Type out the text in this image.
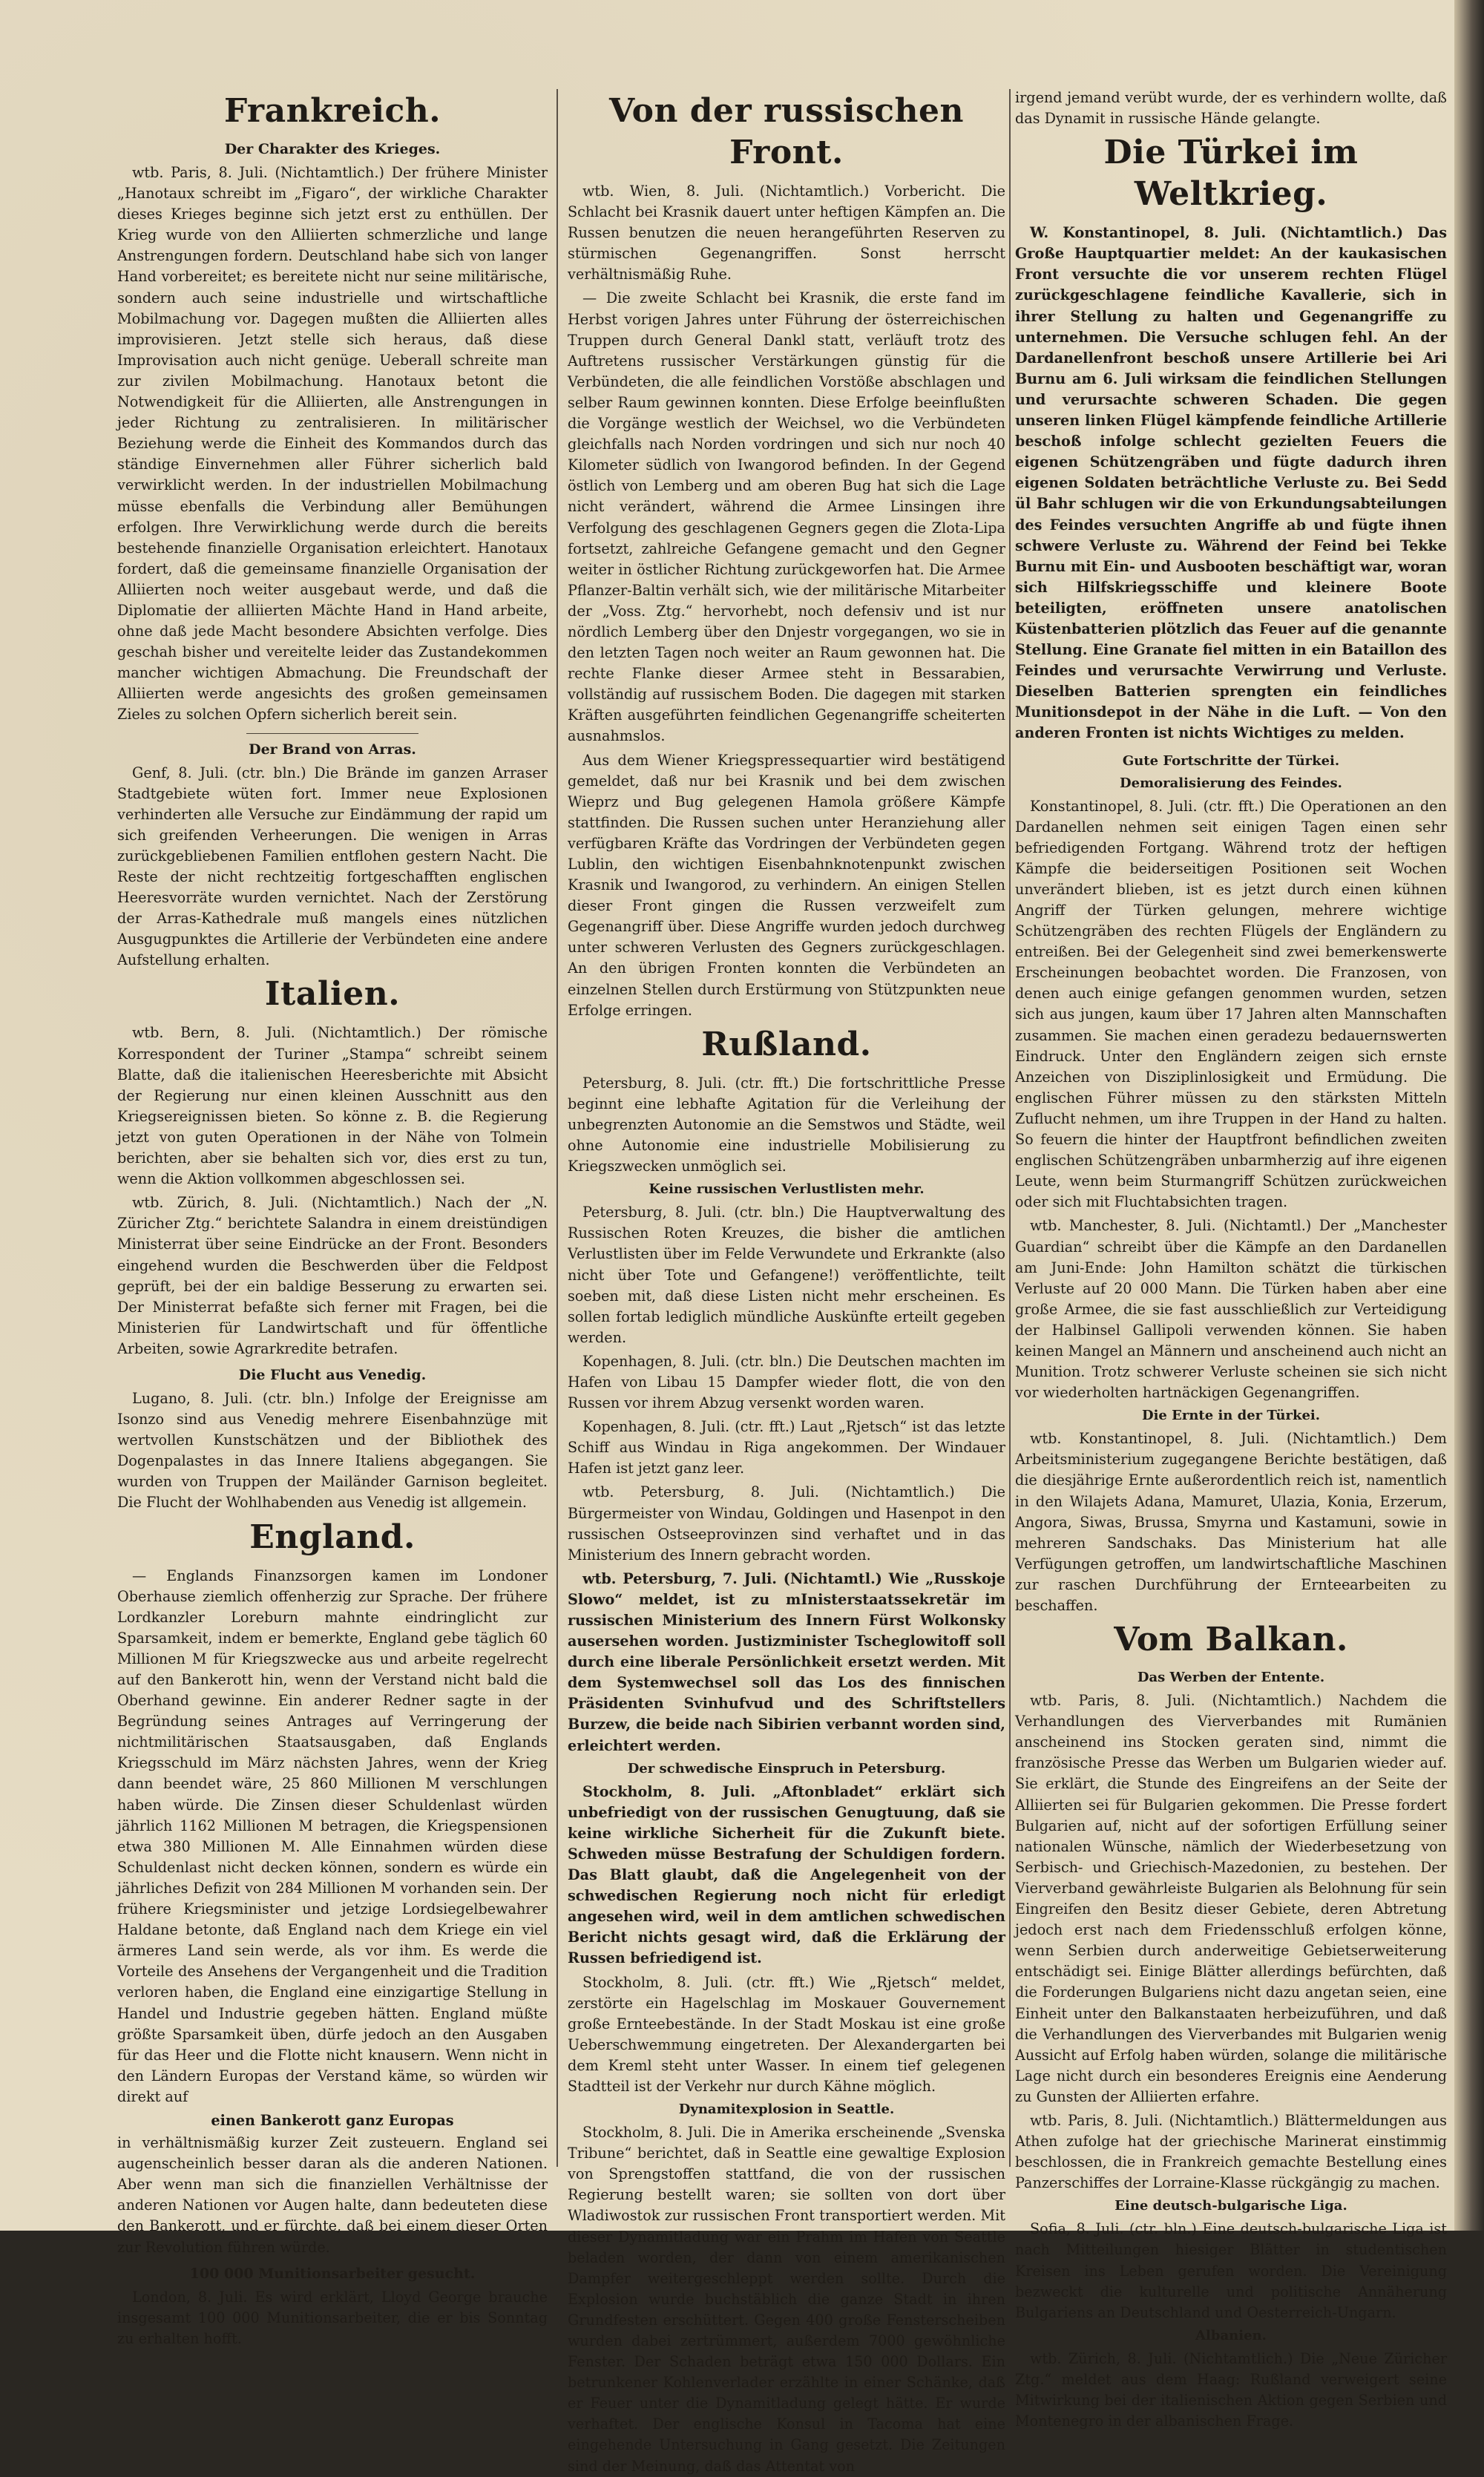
Frankreich.
Der Charakter des Krieges.

wtb. Paris, 8. Juli. (Nichtamtlich.) Der frühere Minister „Hanotaux schreibt im „Figaro“, der wirkliche Charakter dieses Krieges beginne sich jetzt erst zu enthüllen. Der Krieg wurde von den Alliierten schmerzliche und lange Anstrengungen fordern. Deutschland habe sich von langer Hand vorbereitet; es bereitete nicht nur seine militärische, sondern auch seine industrielle und wirtschaftliche Mobilmachung vor. Dagegen mußten die Alliierten alles improvisieren. Jetzt stelle sich heraus, daß diese Improvisation auch nicht genüge. Ueberall schreite man zur zivilen Mobilmachung. Hanotaux betont die Notwendigkeit für die Alliierten, alle Anstrengungen in jeder Richtung zu zentralisieren. In militärischer Beziehung werde die Einheit des Kommandos durch das ständige Einvernehmen aller Führer sicherlich bald verwirklicht werden. In der industriellen Mobilmachung müsse ebenfalls die Verbindung aller Bemühungen erfolgen. Ihre Verwirklichung werde durch die bereits bestehende finanzielle Organisation erleichtert. Hanotaux fordert, daß die gemeinsame finanzielle Organisation der Alliierten noch weiter ausgebaut werde, und daß die Diplomatie der alliierten Mächte Hand in Hand arbeite, ohne daß jede Macht besondere Absichten verfolge. Dies geschah bisher und vereitelte leider das Zustandekommen mancher wichtigen Abmachung. Die Freundschaft der Alliierten werde angesichts des großen gemeinsamen Zieles zu solchen Opfern sicherlich bereit sein.

Der Brand von Arras.

Genf, 8. Juli. (ctr. bln.) Die Brände im ganzen Arraser Stadtgebiete wüten fort. Immer neue Explosionen verhinderten alle Versuche zur Eindämmung der rapid um sich greifenden Verheerungen. Die wenigen in Arras zurückgebliebenen Familien entflohen gestern Nacht. Die Reste der nicht rechtzeitig fortgeschafften englischen Heeresvorräte wurden vernichtet. Nach der Zerstörung der Arras-Kathedrale muß mangels eines nützlichen Ausgugpunktes die Artillerie der Verbündeten eine andere Aufstellung erhalten.

Italien.

wtb. Bern, 8. Juli. (Nichtamtlich.) Der römische Korrespondent der Turiner „Stampa“ schreibt seinem Blatte, daß die italienischen Heeresberichte mit Absicht der Regierung nur einen kleinen Ausschnitt aus den Kriegsereignissen bieten. So könne z. B. die Regierung jetzt von guten Operationen in der Nähe von Tolmein berichten, aber sie behalten sich vor, dies erst zu tun, wenn die Aktion vollkommen abgeschlossen sei.

wtb. Zürich, 8. Juli. (Nichtamtlich.) Nach der „N. Züricher Ztg.“ berichtete Salandra in einem dreistündigen Ministerrat über seine Eindrücke an der Front. Besonders eingehend wurden die Beschwerden über die Feldpost geprüft, bei der ein baldige Besserung zu erwarten sei. Der Ministerrat befaßte sich ferner mit Fragen, bei die Ministerien für Landwirtschaft und für öffentliche Arbeiten, sowie Agrarkredite betrafen.

Die Flucht aus Venedig.

Lugano, 8. Juli. (ctr. bln.) Infolge der Ereignisse am Isonzo sind aus Venedig mehrere Eisenbahnzüge mit wertvollen Kunstschätzen und der Bibliothek des Dogenpalastes in das Innere Italiens abgegangen. Sie wurden von Truppen der Mailänder Garnison begleitet. Die Flucht der Wohlhabenden aus Venedig ist allgemein.

England.

— Englands Finanzsorgen kamen im Londoner Oberhause ziemlich offenherzig zur Sprache. Der frühere Lordkanzler Loreburn mahnte eindringlicht zur Sparsamkeit, indem er bemerkte, England gebe täglich 60 Millionen M für Kriegszwecke aus und arbeite regelrecht auf den Bankerott hin, wenn der Verstand nicht bald die Oberhand gewinne. Ein anderer Redner sagte in der Begründung seines Antrages auf Verringerung der nichtmilitärischen Staatsausgaben, daß Englands Kriegsschuld im März nächsten Jahres, wenn der Krieg dann beendet wäre, 25 860 Millionen M verschlungen haben würde. Die Zinsen dieser Schuldenlast würden jährlich 1162 Millionen M betragen, die Kriegspensionen etwa 380 Millionen M. Alle Einnahmen würden diese Schuldenlast nicht decken können, sondern es würde ein jährliches Defizit von 284 Millionen M vorhanden sein. Der frühere Kriegsminister und jetzige Lordsiegelbewahrer Haldane betonte, daß England nach dem Kriege ein viel ärmeres Land sein werde, als vor ihm. Es werde die Vorteile des Ansehens der Vergangenheit und die Tradition verloren haben, die England eine einzigartige Stellung in Handel und Industrie gegeben hätten. England müßte größte Sparsamkeit üben, dürfe jedoch an den Ausgaben für das Heer und die Flotte nicht knausern. Wenn nicht in den Ländern Europas der Verstand käme, so würden wir direkt auf

einen Bankerott ganz Europas

in verhältnismäßig kurzer Zeit zusteuern. England sei augenscheinlich besser daran als die anderen Nationen. Aber wenn man sich die finanziellen Verhältnisse der anderen Nationen vor Augen halte, dann bedeuteten diese den Bankerott, und er fürchte, daß bei einem dieser Orten zur Revolution führen würde.

100 000 Munitionsarbeiter gesucht.

London, 8. Juli. Es wird erklärt, Lloyd George brauche insgesamt 100 000 Munitionsarbeiter, die er bis Sonntag zu erhalten hofft.

Von der russischen Front.

wtb. Wien, 8. Juli. (Nichtamtlich.) Vorbericht. Die Schlacht bei Krasnik dauert unter heftigen Kämpfen an. Die Russen benutzen die neuen herangeführten Reserven zu stürmischen Gegenangriffen. Sonst herrscht verhältnismäßig Ruhe.

— Die zweite Schlacht bei Krasnik, die erste fand im Herbst vorigen Jahres unter Führung der österreichischen Truppen durch General Dankl statt, verläuft trotz des Auftretens russischer Verstärkungen günstig für die Verbündeten, die alle feindlichen Vorstöße abschlagen und selber Raum gewinnen konnten. Diese Erfolge beeinflußten die Vorgänge westlich der Weichsel, wo die Verbündeten gleichfalls nach Norden vordringen und sich nur noch 40 Kilometer südlich von Iwangorod befinden. In der Gegend östlich von Lemberg und am oberen Bug hat sich die Lage nicht verändert, während die Armee Linsingen ihre Verfolgung des geschlagenen Gegners gegen die Zlota-Lipa fortsetzt, zahlreiche Gefangene gemacht und den Gegner weiter in östlicher Richtung zurückgeworfen hat. Die Armee Pflanzer-Baltin verhält sich, wie der militärische Mitarbeiter der „Voss. Ztg.“ hervorhebt, noch defensiv und ist nur nördlich Lemberg über den Dnjestr vorgegangen, wo sie in den letzten Tagen noch weiter an Raum gewonnen hat. Die rechte Flanke dieser Armee steht in Bessarabien, vollständig auf russischem Boden. Die dagegen mit starken Kräften ausgeführten feindlichen Gegenangriffe scheiterten ausnahmslos.

Aus dem Wiener Kriegspressequartier wird bestätigend gemeldet, daß nur bei Krasnik und bei dem zwischen Wieprz und Bug gelegenen Hamola größere Kämpfe stattfinden. Die Russen suchen unter Heranziehung aller verfügbaren Kräfte das Vordringen der Verbündeten gegen Lublin, den wichtigen Eisenbahnknotenpunkt zwischen Krasnik und Iwangorod, zu verhindern. An einigen Stellen dieser Front gingen die Russen verzweifelt zum Gegenangriff über. Diese Angriffe wurden jedoch durchweg unter schweren Verlusten des Gegners zurückgeschlagen. An den übrigen Fronten konnten die Verbündeten an einzelnen Stellen durch Erstürmung von Stützpunkten neue Erfolge erringen.

Rußland.

Petersburg, 8. Juli. (ctr. fft.) Die fortschrittliche Presse beginnt eine lebhafte Agitation für die Verleihung der unbegrenzten Autonomie an die Semstwos und Städte, weil ohne Autonomie eine industrielle Mobilisierung zu Kriegszwecken unmöglich sei.

Keine russischen Verlustlisten mehr.

Petersburg, 8. Juli. (ctr. bln.) Die Hauptverwaltung des Russischen Roten Kreuzes, die bisher die amtlichen Verlustlisten über im Felde Verwundete und Erkrankte (also nicht über Tote und Gefangene!) veröffentlichte, teilt soeben mit, daß diese Listen nicht mehr erscheinen. Es sollen fortab lediglich mündliche Auskünfte erteilt gegeben werden.

Kopenhagen, 8. Juli. (ctr. bln.) Die Deutschen machten im Hafen von Libau 15 Dampfer wieder flott, die von den Russen vor ihrem Abzug versenkt worden waren.

Kopenhagen, 8. Juli. (ctr. fft.) Laut „Rjetsch“ ist das letzte Schiff aus Windau in Riga angekommen. Der Windauer Hafen ist jetzt ganz leer.

wtb. Petersburg, 8. Juli. (Nichtamtlich.) Die Bürgermeister von Windau, Goldingen und Hasenpot in den russischen Ostseeprovinzen sind verhaftet und in das Ministerium des Innern gebracht worden.

wtb. Petersburg, 7. Juli. (Nichtamtl.) Wie „Russkoje Slowo“ meldet, ist zu mInisterstaatssekretär im russischen Ministerium des Innern Fürst Wolkonsky ausersehen worden. Justizminister Tscheglowitoff soll durch eine liberale Persönlichkeit ersetzt werden. Mit dem Systemwechsel soll das Los des finnischen Präsidenten Svinhufvud und des Schriftstellers Burzew, die beide nach Sibirien verbannt worden sind, erleichtert werden.

Der schwedische Einspruch in Petersburg.

Stockholm, 8. Juli. „Aftonbladet“ erklärt sich unbefriedigt von der russischen Genugtuung, daß sie keine wirkliche Sicherheit für die Zukunft biete. Schweden müsse Bestrafung der Schuldigen fordern. Das Blatt glaubt, daß die Angelegenheit von der schwedischen Regierung noch nicht für erledigt angesehen wird, weil in dem amtlichen schwedischen Bericht nichts gesagt wird, daß die Erklärung der Russen befriedigend ist.

Stockholm, 8. Juli. (ctr. fft.) Wie „Rjetsch“ meldet, zerstörte ein Hagelschlag im Moskauer Gouvernement große Ernteebestände. In der Stadt Moskau ist eine große Ueberschwemmung eingetreten. Der Alexandergarten bei dem Kreml steht unter Wasser. In einem tief gelegenen Stadtteil ist der Verkehr nur durch Kähne möglich.

Dynamitexplosion in Seattle.

Stockholm, 8. Juli. Die in Amerika erscheinende „Svenska Tribune“ berichtet, daß in Seattle eine gewaltige Explosion von Sprengstoffen stattfand, die von der russischen Regierung bestellt waren; sie sollten von dort über Wladiwostok zur russischen Front transportiert werden. Mit dieser Dynamitladung war ein Prahm im Hafen von Seattle beladen worden, der dann von einem amerikanischen Dampfer weitergeschleppt werden sollte. Durch die Explosion wurde buchstäblich die ganze Stadt in ihren Grundfesten erschüttert. Gegen 400 große Fensterscheiben wurden dabei zertrümmert, außerdem 7000 gewöhnliche Fenster. Der Schaden beträgt etwa 150 000 Dollars. Ein betrunkener Kohlenverlader erzählte in einer Schänke, daß er Feuer unter die Dynamitladung gelegt hätte. Er wurde verhaftet. Der englische Konsul in Tacoma hat eine eingehende Untersuchung in Gang gesetzt. Die Zeitungen sind der Meinung, daß das Attentat von

irgend jemand verübt wurde, der es verhindern wollte, daß das Dynamit in russische Hände gelangte.

Die Türkei im Weltkrieg.

W. Konstantinopel, 8. Juli. (Nichtamtlich.) Das Große Hauptquartier meldet: An der kaukasischen Front versuchte die vor unserem rechten Flügel zurückgeschlagene feindliche Kavallerie, sich in ihrer Stellung zu halten und Gegenangriffe zu unternehmen. Die Versuche schlugen fehl. An der Dardanellenfront beschoß unsere Artillerie bei Ari Burnu am 6. Juli wirksam die feindlichen Stellungen und verursachte schweren Schaden. Die gegen unseren linken Flügel kämpfende feindliche Artillerie beschoß infolge schlecht gezielten Feuers die eigenen Schützengräben und fügte dadurch ihren eigenen Soldaten beträchtliche Verluste zu. Bei Sedd ül Bahr schlugen wir die von Erkundungsabteilungen des Feindes versuchten Angriffe ab und fügte ihnen schwere Verluste zu. Während der Feind bei Tekke Burnu mit Ein- und Ausbooten beschäftigt war, woran sich Hilfskriegsschiffe und kleinere Boote beteiligten, eröffneten unsere anatolischen Küstenbatterien plötzlich das Feuer auf die genannte Stellung. Eine Granate fiel mitten in ein Bataillon des Feindes und verursachte Verwirrung und Verluste. Dieselben Batterien sprengten ein feindliches Munitionsdepot in der Nähe in die Luft. — Von den anderen Fronten ist nichts Wichtiges zu melden.

Gute Fortschritte der Türkei.
Demoralisierung des Feindes.

Konstantinopel, 8. Juli. (ctr. fft.) Die Operationen an den Dardanellen nehmen seit einigen Tagen einen sehr befriedigenden Fortgang. Während trotz der heftigen Kämpfe die beiderseitigen Positionen seit Wochen unverändert blieben, ist es jetzt durch einen kühnen Angriff der Türken gelungen, mehrere wichtige Schützengräben des rechten Flügels der Engländern zu entreißen. Bei der Gelegenheit sind zwei bemerkenswerte Erscheinungen beobachtet worden. Die Franzosen, von denen auch einige gefangen genommen wurden, setzen sich aus jungen, kaum über 17 Jahren alten Mannschaften zusammen. Sie machen einen geradezu bedauernswerten Eindruck. Unter den Engländern zeigen sich ernste Anzeichen von Disziplinlosigkeit und Ermüdung. Die englischen Führer müssen zu den stärksten Mitteln Zuflucht nehmen, um ihre Truppen in der Hand zu halten. So feuern die hinter der Hauptfront befindlichen zweiten englischen Schützengräben unbarmherzig auf ihre eigenen Leute, wenn beim Sturmangriff Schützen zurückweichen oder sich mit Fluchtabsichten tragen.

wtb. Manchester, 8. Juli. (Nichtamtl.) Der „Manchester Guardian“ schreibt über die Kämpfe an den Dardanellen am Juni-Ende: John Hamilton schätzt die türkischen Verluste auf 20 000 Mann. Die Türken haben aber eine große Armee, die sie fast ausschließlich zur Verteidigung der Halbinsel Gallipoli verwenden können. Sie haben keinen Mangel an Männern und anscheinend auch nicht an Munition. Trotz schwerer Verluste scheinen sie sich nicht vor wiederholten hartnäckigen Gegenangriffen.

Die Ernte in der Türkei.

wtb. Konstantinopel, 8. Juli. (Nichtamtlich.) Dem Arbeitsministerium zugegangene Berichte bestätigen, daß die diesjährige Ernte außerordentlich reich ist, namentlich in den Wilajets Adana, Mamuret, Ulazia, Konia, Erzerum, Angora, Siwas, Brussa, Smyrna und Kastamuni, sowie in mehreren Sandschaks. Das Ministerium hat alle Verfügungen getroffen, um landwirtschaftliche Maschinen zur raschen Durchführung der Ernteearbeiten zu beschaffen.

Vom Balkan.
Das Werben der Entente.

wtb. Paris, 8. Juli. (Nichtamtlich.) Nachdem die Verhandlungen des Vierverbandes mit Rumänien anscheinend ins Stocken geraten sind, nimmt die französische Presse das Werben um Bulgarien wieder auf. Sie erklärt, die Stunde des Eingreifens an der Seite der Alliierten sei für Bulgarien gekommen. Die Presse fordert Bulgarien auf, nicht auf der sofortigen Erfüllung seiner nationalen Wünsche, nämlich der Wiederbesetzung von Serbisch- und Griechisch-Mazedonien, zu bestehen. Der Vierverband gewährleiste Bulgarien als Belohnung für sein Eingreifen den Besitz dieser Gebiete, deren Abtretung jedoch erst nach dem Friedensschluß erfolgen könne, wenn Serbien durch anderweitige Gebietserweiterung entschädigt sei. Einige Blätter allerdings befürchten, daß die Forderungen Bulgariens nicht dazu angetan seien, eine Einheit unter den Balkanstaaten herbeizuführen, und daß die Verhandlungen des Vierverbandes mit Bulgarien wenig Aussicht auf Erfolg haben würden, solange die militärische Lage nicht durch ein besonderes Ereignis eine Aenderung zu Gunsten der Alliierten erfahre.

wtb. Paris, 8. Juli. (Nichtamtlich.) Blättermeldungen aus Athen zufolge hat der griechische Marinerat einstimmig beschlossen, die in Frankreich gemachte Bestellung eines Panzerschiffes der Lorraine-Klasse rückgängig zu machen.

Eine deutsch-bulgarische Liga.

Sofia, 8. Juli. (ctr. bln.) Eine deutsch-bulgarische Liga ist nach Mitteilungen hiesiger Blätter in studentischen Kreisen ins Leben gerufen worden. Die Vereinigung bezweckt die kulturelle und politische Annäherung Bulgariens an Deutschland und Oesterreich-Ungarn.

Albanien.

wtb. Zürich, 8. Juli. (Nichtamtlich.) Die „Neue Züricher Ztg.“ meldet aus dem Haag: Rußland verweigert seine Mitwirkung bei der italienischen Aktion gegen Serbien und Montenegro in der albanischen Frage.
